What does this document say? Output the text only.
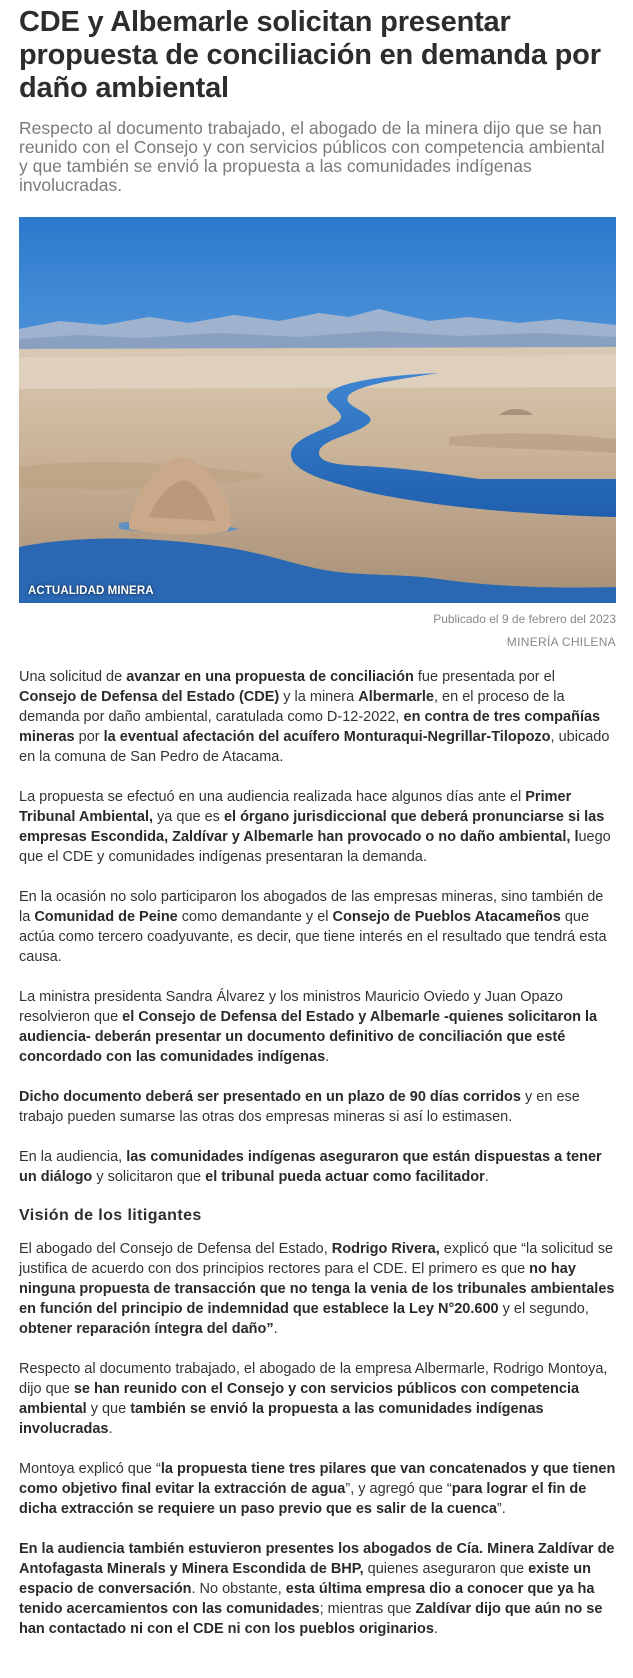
CDE y Albemarle solicitan presentar propuesta de conciliación en demanda por daño ambiental

Respecto al documento trabajado, el abogado de la minera dijo que se han reunido con el Consejo y con servicios públicos con competencia ambiental y que también se envió la propuesta a las comunidades indígenas involucradas.

ACTUALIDAD MINERA
Publicado el 9 de febrero del 2023
MINERÍA CHILENA

Una solicitud de avanzar en una propuesta de conciliación fue presentada por el Consejo de Defensa del Estado (CDE) y la minera Albermarle, en el proceso de la demanda por daño ambiental, caratulada como D-12-2022, en contra de tres compañías mineras por la eventual afectación del acuífero Monturaqui-Negrillar-Tilopozo, ubicado en la comuna de San Pedro de Atacama.

La propuesta se efectuó en una audiencia realizada hace algunos días ante el Primer Tribunal Ambiental, ya que es el órgano jurisdiccional que deberá pronunciarse si las empresas Escondida, Zaldívar y Albemarle han provocado o no daño ambiental, luego que el CDE y comunidades indígenas presentaran la demanda.

En la ocasión no solo participaron los abogados de las empresas mineras, sino también de la Comunidad de Peine como demandante y el Consejo de Pueblos Atacameños que actúa como tercero coadyuvante, es decir, que tiene interés en el resultado que tendrá esta causa.

La ministra presidenta Sandra Álvarez y los ministros Mauricio Oviedo y Juan Opazo resolvieron que el Consejo de Defensa del Estado y Albemarle -quienes solicitaron la audiencia- deberán presentar un documento definitivo de conciliación que esté concordado con las comunidades indígenas.

Dicho documento deberá ser presentado en un plazo de 90 días corridos y en ese trabajo pueden sumarse las otras dos empresas mineras si así lo estimasen.

En la audiencia, las comunidades indígenas aseguraron que están dispuestas a tener un diálogo y solicitaron que el tribunal pueda actuar como facilitador.

Visión de los litigantes

El abogado del Consejo de Defensa del Estado, Rodrigo Rivera, explicó que “la solicitud se justifica de acuerdo con dos principios rectores para el CDE. El primero es que no hay ninguna propuesta de transacción que no tenga la venia de los tribunales ambientales en función del principio de indemnidad que establece la Ley N°20.600 y el segundo, obtener reparación íntegra del daño”.

Respecto al documento trabajado, el abogado de la empresa Albermarle, Rodrigo Montoya, dijo que se han reunido con el Consejo y con servicios públicos con competencia ambiental y que también se envió la propuesta a las comunidades indígenas involucradas.

Montoya explicó que “la propuesta tiene tres pilares que van concatenados y que tienen como objetivo final evitar la extracción de agua”, y agregó que “para lograr el fin de dicha extracción se requiere un paso previo que es salir de la cuenca”.

En la audiencia también estuvieron presentes los abogados de Cía. Minera Zaldívar de Antofagasta Minerals y Minera Escondida de BHP, quienes aseguraron que existe un espacio de conversación. No obstante, esta última empresa dio a conocer que ya ha tenido acercamientos con las comunidades; mientras que Zaldívar dijo que aún no se han contactado ni con el CDE ni con los pueblos originarios.
